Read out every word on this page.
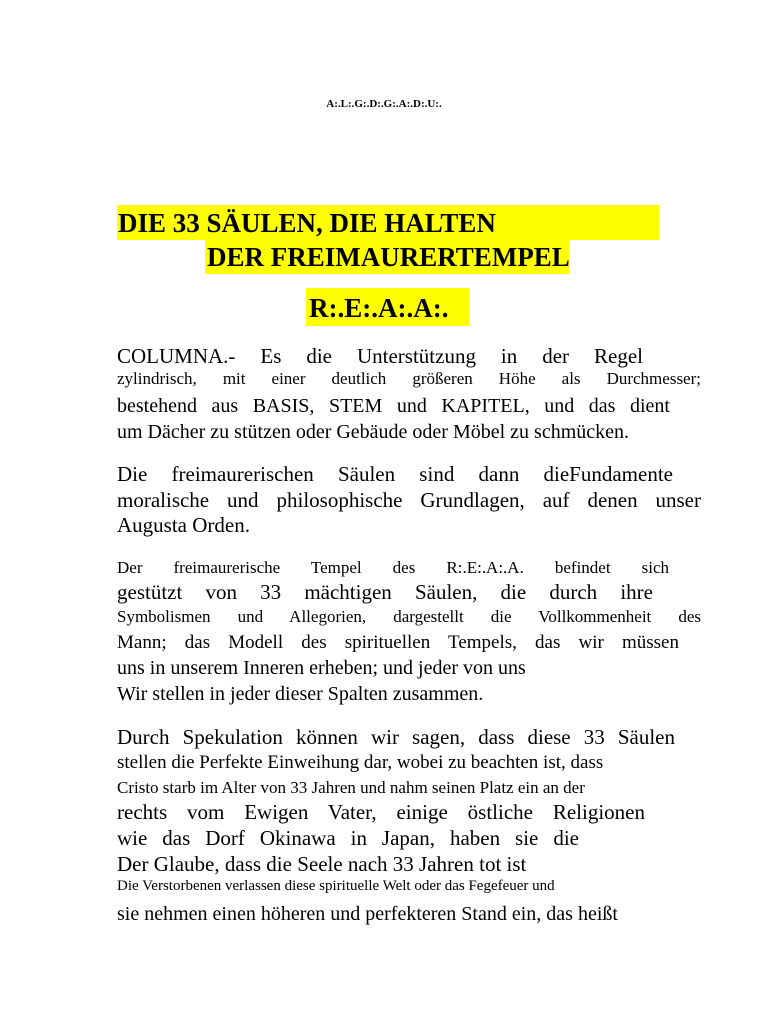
A:.L:.G:.D:.G:.A:.D:.U:.
DIE 33 SÄULEN, DIE HALTEN
DER FREIMAURERTEMPEL
R:.E:.A:.A:.
COLUMNA.- Es die Unterstützung in der Regel
zylindrisch, mit einer deutlich größeren Höhe als Durchmesser;
bestehend aus BASIS, STEM und KAPITEL, und das dient
um Dächer zu stützen oder Gebäude oder Möbel zu schmücken.
Die freimaurerischen Säulen sind dann dieFundamente
moralische und philosophische Grundlagen, auf denen unser
Augusta Orden.
Der freimaurerische Tempel des R:.E:.A:.A. befindet sich
gestützt von 33 mächtigen Säulen, die durch ihre
Symbolismen und Allegorien, dargestellt die Vollkommenheit des
Mann; das Modell des spirituellen Tempels, das wir müssen
uns in unserem Inneren erheben; und jeder von uns
Wir stellen in jeder dieser Spalten zusammen.
Durch Spekulation können wir sagen, dass diese 33 Säulen
stellen die Perfekte Einweihung dar, wobei zu beachten ist, dass
Cristo starb im Alter von 33 Jahren und nahm seinen Platz ein an der
rechts vom Ewigen Vater, einige östliche Religionen
wie das Dorf Okinawa in Japan, haben sie die
Der Glaube, dass die Seele nach 33 Jahren tot ist
Die Verstorbenen verlassen diese spirituelle Welt oder das Fegefeuer und
sie nehmen einen höheren und perfekteren Stand ein, das heißt
